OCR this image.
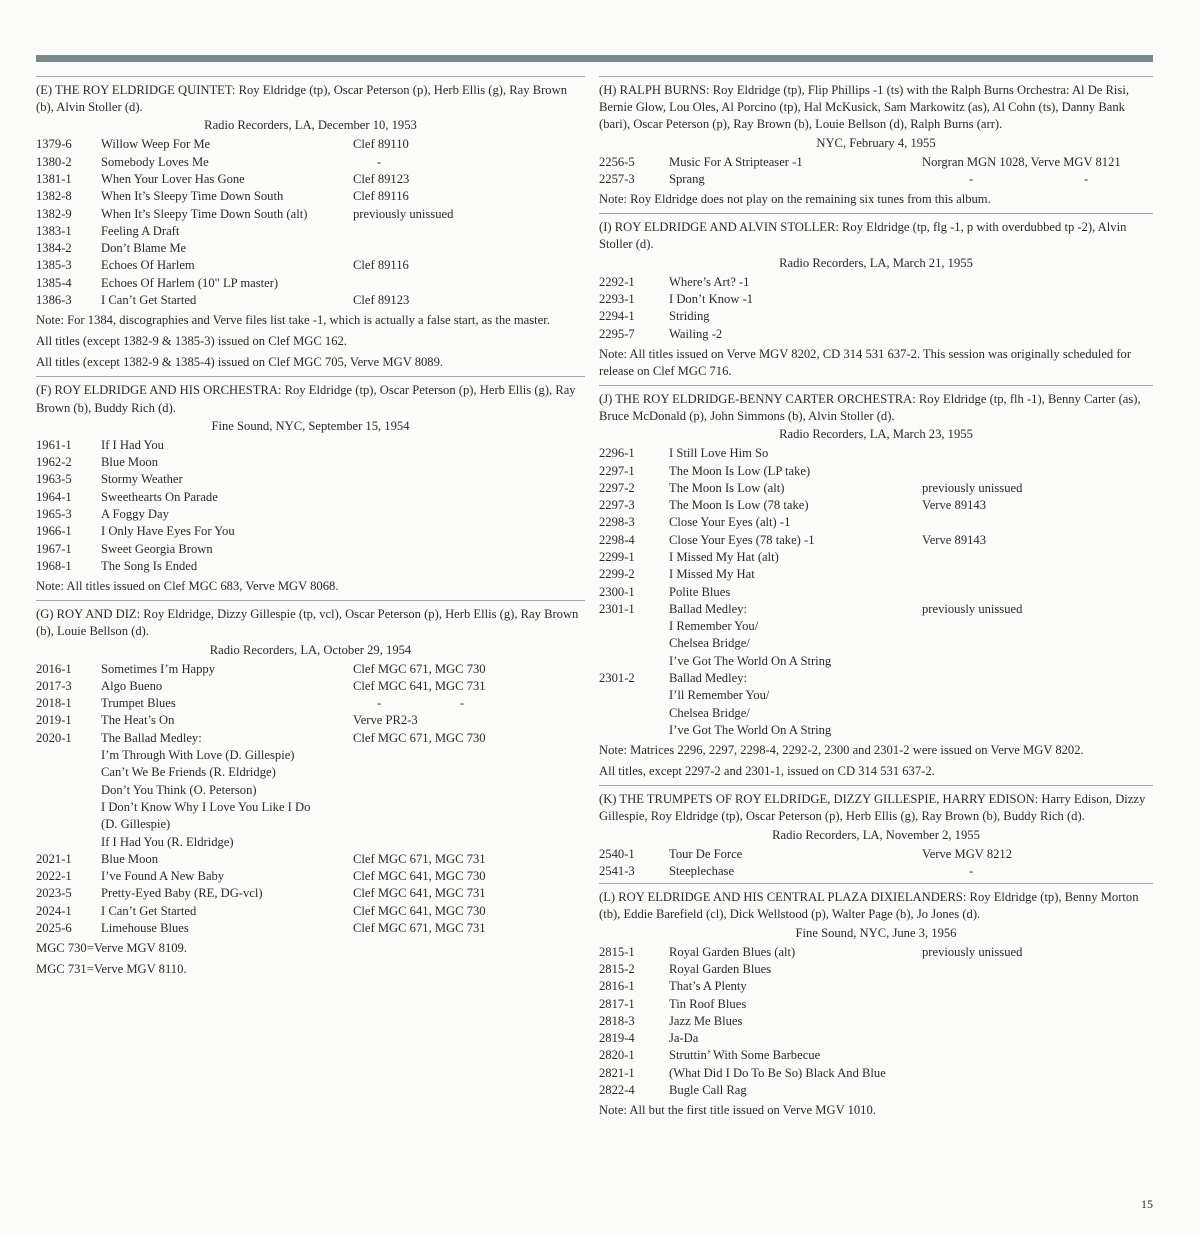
(E) THE ROY ELDRIDGE QUINTET: Roy Eldridge (tp), Oscar Peterson (p), Herb Ellis (g), Ray Brown (b), Alvin Stoller (d).
Radio Recorders, LA, December 10, 1953
1379-6 Willow Weep For Me	Clef 89110
1380-2 Somebody Loves Me	-
1381-1 When Your Lover Has Gone	Clef 89123
1382-8 When It’s Sleepy Time Down South	Clef 89116
1382-9 When It’s Sleepy Time Down South (alt)	previously unissued
1383-1 Feeling A Draft
1384-2 Don’t Blame Me
1385-3 Echoes Of Harlem	Clef 89116
1385-4 Echoes Of Harlem (10" LP master)
1386-3 I Can’t Get Started	Clef 89123
Note: For 1384, discographies and Verve files list take -1, which is actually a false start, as the master.
All titles (except 1382-9 & 1385-3) issued on Clef MGC 162.
All titles (except 1382-9 & 1385-4) issued on Clef MGC 705, Verve MGV 8089.
(F) ROY ELDRIDGE AND HIS ORCHESTRA: Roy Eldridge (tp), Oscar Peterson (p), Herb Ellis (g), Ray Brown (b), Buddy Rich (d).
Fine Sound, NYC, September 15, 1954
1961-1 If I Had You
1962-2 Blue Moon
1963-5 Stormy Weather
1964-1 Sweethearts On Parade
1965-3 A Foggy Day
1966-1 I Only Have Eyes For You
1967-1 Sweet Georgia Brown
1968-1 The Song Is Ended
Note: All titles issued on Clef MGC 683, Verve MGV 8068.
(G) ROY AND DIZ: Roy Eldridge, Dizzy Gillespie (tp, vcl), Oscar Peterson (p), Herb Ellis (g), Ray Brown (b), Louie Bellson (d).
Radio Recorders, LA, October 29, 1954
2016-1 Sometimes I’m Happy	Clef MGC 671, MGC 730
2017-3 Algo Bueno	Clef MGC 641, MGC 731
2018-1 Trumpet Blues	-	-
2019-1 The Heat’s On	Verve PR2-3
2020-1 The Ballad Medley:	Clef MGC 671, MGC 730
I’m Through With Love (D. Gillespie)
Can’t We Be Friends (R. Eldridge)
Don’t You Think (O. Peterson)
I Don’t Know Why I Love You Like I Do
(D. Gillespie)
If I Had You (R. Eldridge)
2021-1 Blue Moon	Clef MGC 671, MGC 731
2022-1 I’ve Found A New Baby	Clef MGC 641, MGC 730
2023-5 Pretty-Eyed Baby (RE, DG-vcl)	Clef MGC 641, MGC 731
2024-1 I Can’t Get Started	Clef MGC 641, MGC 730
2025-6 Limehouse Blues	Clef MGC 671, MGC 731
MGC 730=Verve MGV 8109.
MGC 731=Verve MGV 8110.
(H) RALPH BURNS: Roy Eldridge (tp), Flip Phillips -1 (ts) with the Ralph Burns Orchestra: Al De Risi, Bernie Glow, Lou Oles, Al Porcino (tp), Hal McKusick, Sam Markowitz (as), Al Cohn (ts), Danny Bank (bari), Oscar Peterson (p), Ray Brown (b), Louie Bellson (d), Ralph Burns (arr).
NYC, February 4, 1955
2256-5	Music For A Stripteaser -1	Norgran MGN 1028, Verve MGV 8121
2257-3	Sprang	-	-
Note: Roy Eldridge does not play on the remaining six tunes from this album.
(I) ROY ELDRIDGE AND ALVIN STOLLER: Roy Eldridge (tp, flg -1, p with overdubbed tp -2), Alvin Stoller (d).
Radio Recorders, LA, March 21, 1955
2292-1	Where’s Art? -1
2293-1	I Don’t Know -1
2294-1	Striding
2295-7	Wailing -2
Note: All titles issued on Verve MGV 8202, CD 314 531 637-2. This session was originally scheduled for release on Clef MGC 716.
(J) THE ROY ELDRIDGE-BENNY CARTER ORCHESTRA: Roy Eldridge (tp, flh -1), Benny Carter (as), Bruce McDonald (p), John Simmons (b), Alvin Stoller (d).
Radio Recorders, LA, March 23, 1955
2296-1	I Still Love Him So
2297-1	The Moon Is Low (LP take)
2297-2	The Moon Is Low (alt)	previously unissued
2297-3	The Moon Is Low (78 take)	Verve 89143
2298-3	Close Your Eyes (alt) -1
2298-4	Close Your Eyes (78 take) -1	Verve 89143
2299-1	I Missed My Hat (alt)
2299-2	I Missed My Hat
2300-1	Polite Blues
2301-1	Ballad Medley:	previously unissued
I Remember You/
Chelsea Bridge/
I’ve Got The World On A String
2301-2	Ballad Medley:
I’ll Remember You/
Chelsea Bridge/
I’ve Got The World On A String
Note: Matrices 2296, 2297, 2298-4, 2292-2, 2300 and 2301-2 were issued on Verve MGV 8202.
All titles, except 2297-2 and 2301-1, issued on CD 314 531 637-2.
(K) THE TRUMPETS OF ROY ELDRIDGE, DIZZY GILLESPIE, HARRY EDISON: Harry Edison, Dizzy Gillespie, Roy Eldridge (tp), Oscar Peterson (p), Herb Ellis (g), Ray Brown (b), Buddy Rich (d).
Radio Recorders, LA, November 2, 1955
2540-1	Tour De Force	Verve MGV 8212
2541-3	Steeplechase	-
(L) ROY ELDRIDGE AND HIS CENTRAL PLAZA DIXIELANDERS: Roy Eldridge (tp), Benny Morton (tb), Eddie Barefield (cl), Dick Wellstood (p), Walter Page (b), Jo Jones (d).
Fine Sound, NYC, June 3, 1956
2815-1	Royal Garden Blues (alt)	previously unissued
2815-2	Royal Garden Blues
2816-1	That’s A Plenty
2817-1	Tin Roof Blues
2818-3	Jazz Me Blues
2819-4	Ja-Da
2820-1	Struttin’ With Some Barbecue
2821-1	(What Did I Do To Be So) Black And Blue
2822-4	Bugle Call Rag
Note: All but the first title issued on Verve MGV 1010.
15
